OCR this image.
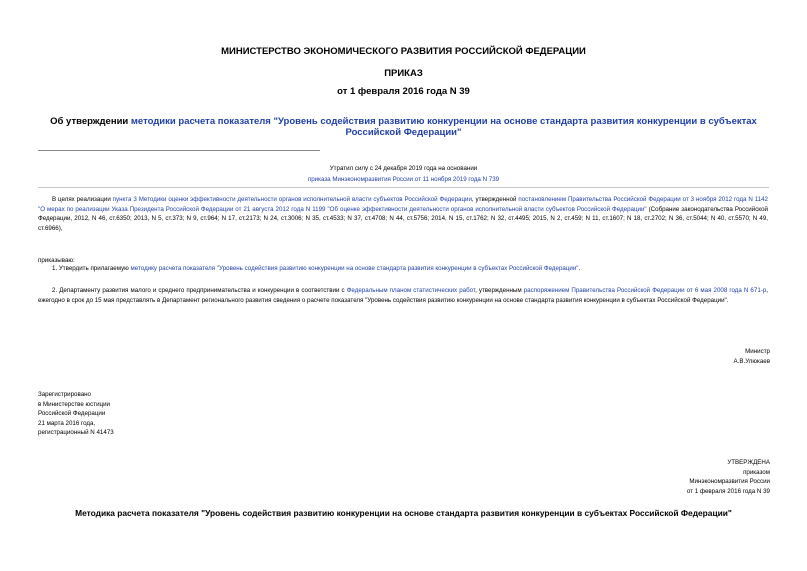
МИНИСТЕРСТВО ЭКОНОМИЧЕСКОГО РАЗВИТИЯ РОССИЙСКОЙ ФЕДЕРАЦИИ
ПРИКАЗ
от 1 февраля 2016 года N 39
Об утверждении методики расчета показателя "Уровень содействия развитию конкуренции на основе стандарта развития конкуренции в субъектах Российской Федерации"
Утратил силу с 24 декабря 2019 года на основании
приказа Минэкономразвития России от 11 ноября 2019 года N 739
В целях реализации пункта 3 Методики оценки эффективности деятельности органов исполнительной власти субъектов Российской Федерации, утвержденной постановлением Правительства Российской Федерации от 3 ноября 2012 года N 1142 "О мерах по реализации Указа Президента Российской Федерации от 21 августа 2012 года N 1199 "Об оценке эффективности деятельности органов исполнительной власти субъектов Российской Федерации" (Собрание законодательства Российской Федерации, 2012, N 46, ст.6350; 2013, N 5, ст.373; N 9, ст.964; N 17, ст.2173; N 24, ст.3006; N 35, ст.4533; N 37, ст.4708; N 44, ст.5756; 2014, N 15, ст.1762; N 32, ст.4495; 2015, N 2, ст.459; N 11, ст.1607; N 18, ст.2702; N 36, ст.5044; N 40, ст.5570; N 49, ст.6966),
приказываю:
1. Утвердить прилагаемую методику расчета показателя "Уровень содействия развитию конкуренции на основе стандарта развития конкуренции в субъектах Российской Федерации".
2. Департаменту развития малого и среднего предпринимательства и конкуренции в соответствии с Федеральным планом статистических работ, утвержденным распоряжением Правительства Российской Федерации от 6 мая 2008 года N 671-р, ежегодно в срок до 15 мая представлять в Департамент регионального развития сведения о расчете показателя "Уровень содействия развитию конкуренции на основе стандарта развития конкуренции в субъектах Российской Федерации".
Министр
А.В.Улюкаев
Зарегистрировано
в Министерстве юстиции
Российской Федерации
21 марта 2016 года,
регистрационный N 41473
УТВЕРЖДЕНА
приказом
Минэкономразвития России
от 1 февраля 2016 года N 39
Методика расчета показателя "Уровень содействия развитию конкуренции на основе стандарта развития конкуренции в субъектах Российской Федерации"
